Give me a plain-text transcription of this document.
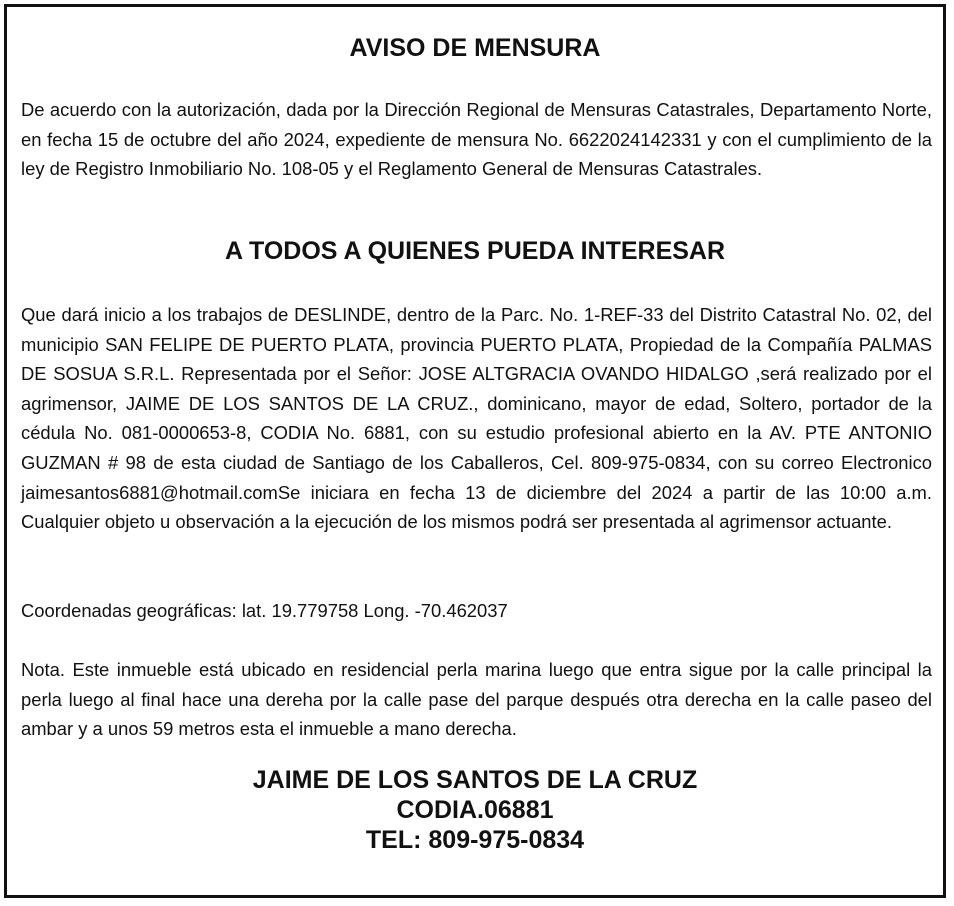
AVISO DE MENSURA

De acuerdo con la autorización, dada por la Dirección Regional de Mensuras Catastrales, Departamento Norte, en fecha 15 de octubre del año 2024, expediente de mensura No. 6622024142331 y con el cumplimiento de la ley de Registro Inmobiliario No. 108-05 y el Reglamento General de Mensuras Catastrales.

A TODOS A QUIENES PUEDA INTERESAR

Que dará inicio a los trabajos de DESLINDE, dentro de la Parc. No. 1-REF-33 del Distrito Catastral No. 02, del municipio SAN FELIPE DE PUERTO PLATA, provincia PUERTO PLATA, Propiedad de la Compañía PALMAS DE SOSUA S.R.L. Representada por el Señor: JOSE ALTGRACIA OVANDO HIDALGO ,será realizado por el agrimensor, JAIME DE LOS SANTOS DE LA CRUZ., dominicano, mayor de edad, Soltero, portador de la cédula No. 081-0000653-8, CODIA No. 6881, con su estudio profesional abierto en la AV. PTE ANTONIO GUZMAN # 98 de esta ciudad de Santiago de los Caballeros, Cel. 809-975-0834, con su correo Electronico jaimesantos6881@hotmail.comSe iniciara en fecha 13 de diciembre del 2024 a partir de las 10:00 a.m. Cualquier objeto u observación a la ejecución de los mismos podrá ser presentada al agrimensor actuante.

Coordenadas geográficas: lat. 19.779758 Long. -70.462037

Nota. Este inmueble está ubicado en residencial perla marina luego que entra sigue por la calle principal la perla luego al final hace una dereha por la calle pase del parque después otra derecha en la calle paseo del ambar y a unos 59 metros esta el inmueble a mano derecha.

JAIME DE LOS SANTOS DE LA CRUZ
CODIA.06881
TEL: 809-975-0834
